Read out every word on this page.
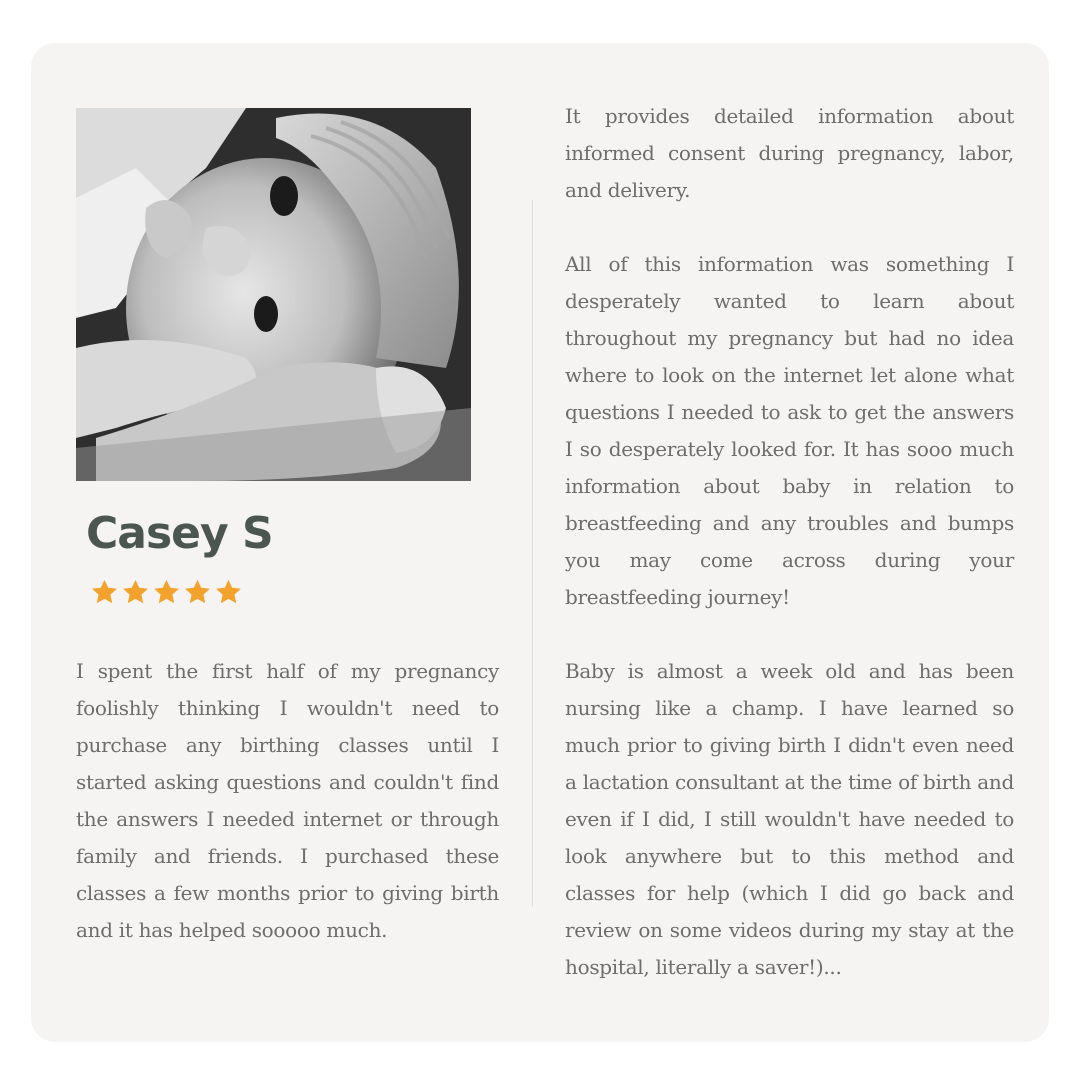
Casey S

I spent the first half of my pregnancy foolishly thinking I wouldn't need to purchase any birthing classes until I started asking questions and couldn't find the answers I needed internet or through family and friends. I purchased these classes a few months prior to giving birth and it has helped sooooo much.

It provides detailed information about informed consent during pregnancy, labor, and delivery.

All of this information was something I desperately wanted to learn about throughout my pregnancy but had no idea where to look on the internet let alone what questions I needed to ask to get the answers I so desperately looked for. It has sooo much information about baby in relation to breastfeeding and any troubles and bumps you may come across during your breastfeeding journey!

Baby is almost a week old and has been nursing like a champ. I have learned so much prior to giving birth I didn't even need a lactation consultant at the time of birth and even if I did, I still wouldn't have needed to look anywhere but to this method and classes for help (which I did go back and review on some videos during my stay at the hospital, literally a saver!)...
